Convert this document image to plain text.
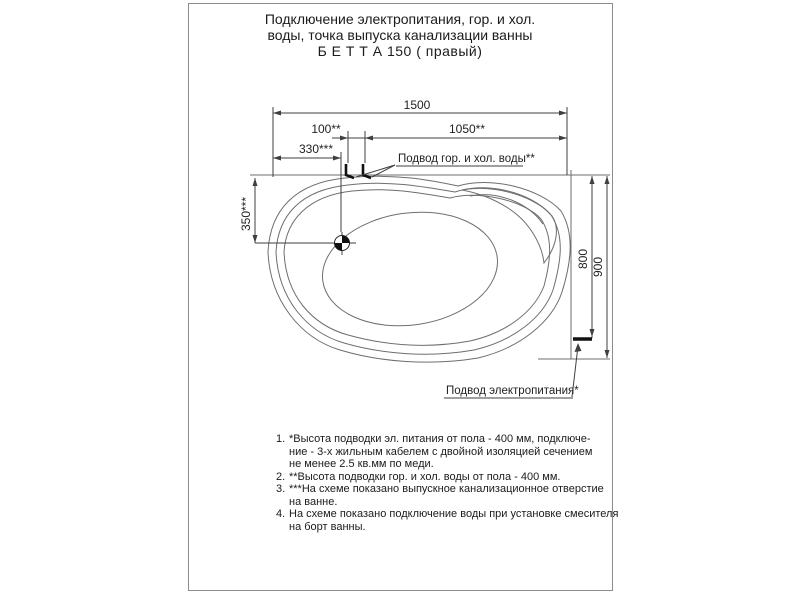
Подключение электропитания, гор. и хол.
воды, точка выпуска канализации ванны
Б Е Т Т А 150 ( правый)
1500
100**	1050**
330***
350***
800 900
Подвод гор. и хол. воды**
Подвод электропитания*
1. *Высота подводки эл. питания от пола - 400 мм, подключе-
ние - 3-х жильным кабелем с двойной изоляцией сечением
не менее 2.5 кв.мм по меди.
2. **Высота подводки гор. и хол. воды от пола - 400 мм.
3. ***На схеме показано выпускное канализационное отверстие
на ванне.
4. На схеме показано подключение воды при установке смесителя
на борт ванны.
